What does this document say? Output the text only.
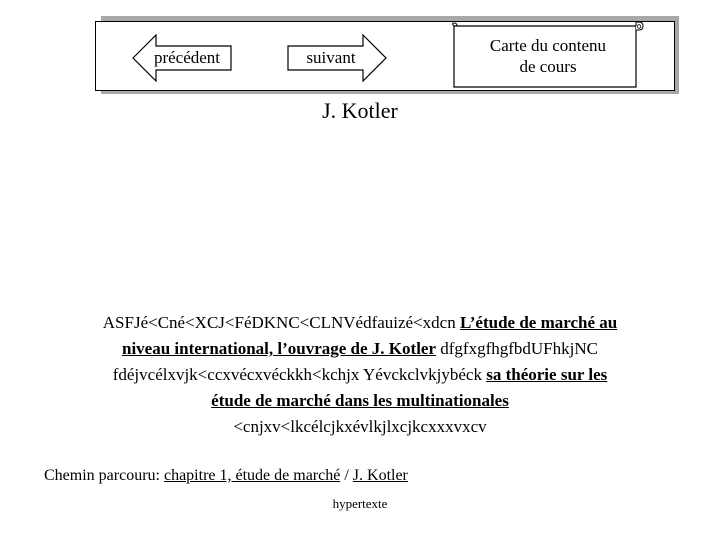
précédent	suivant
Carte du contenu
de cours
J. Kotler
ASFJé<Cné<XCJ<FéDKNC<CLNVédfauizé<xdcn L’étude de marché au niveau international, l’ouvrage de J. Kotler dfgfxgfhgfbdUFhkjNC fdéjvcélxvjk<ccxvécxvéckkh<kchjx Yévckclvkjybéck sa théorie sur les étude de marché dans les multinationales <cnjxv<lkcélcjkxévlkjlxcjkcxxxvxcv
Chemin parcouru: chapitre 1, étude de marché / J. Kotler
hypertexte
